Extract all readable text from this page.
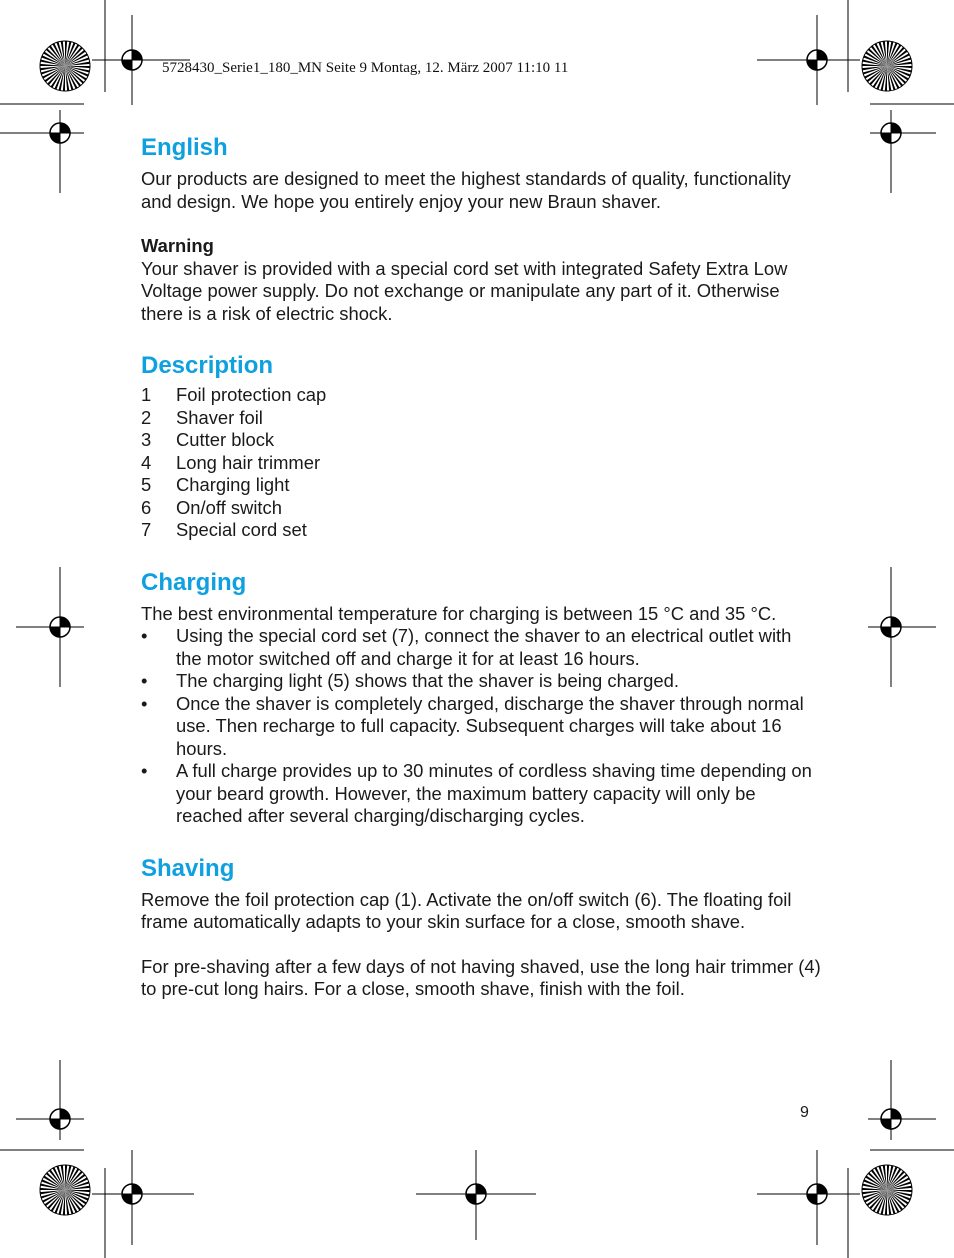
5728430_Serie1_180_MN Seite 9 Montag, 12. März 2007 11:10 11
English

Our products are designed to meet the highest standards of quality, functionality and design. We hope you entirely enjoy your new Braun shaver.

Warning

Your shaver is provided with a special cord set with integrated Safety Extra Low Voltage power supply. Do not exchange or manipulate any part of it. Otherwise there is a risk of electric shock.

Description
1	Foil protection cap
2	Shaver foil
3	Cutter block
4	Long hair trimmer
5	Charging light
6	On/off switch
7	Special cord set
Charging

The best environmental temperature for charging is between 15 °C and 35 °C.

•	Using the special cord set (7), connect the shaver to an electrical outlet with the motor switched off and charge it for at least 16 hours.
•	The charging light (5) shows that the shaver is being charged.
•	Once the shaver is completely charged, discharge the shaver through normal use. Then recharge to full capacity. Subsequent charges will take about 16 hours.
•	A full charge provides up to 30 minutes of cordless shaving time depending on your beard growth. However, the maximum battery capacity will only be reached after several charging/discharging cycles.
Shaving

Remove the foil protection cap (1). Activate the on/off switch (6). The floating foil frame automatically adapts to your skin surface for a close, smooth shave.

For pre-shaving after a few days of not having shaved, use the long hair trimmer (4) to pre-cut long hairs. For a close, smooth shave, finish with the foil.

9
